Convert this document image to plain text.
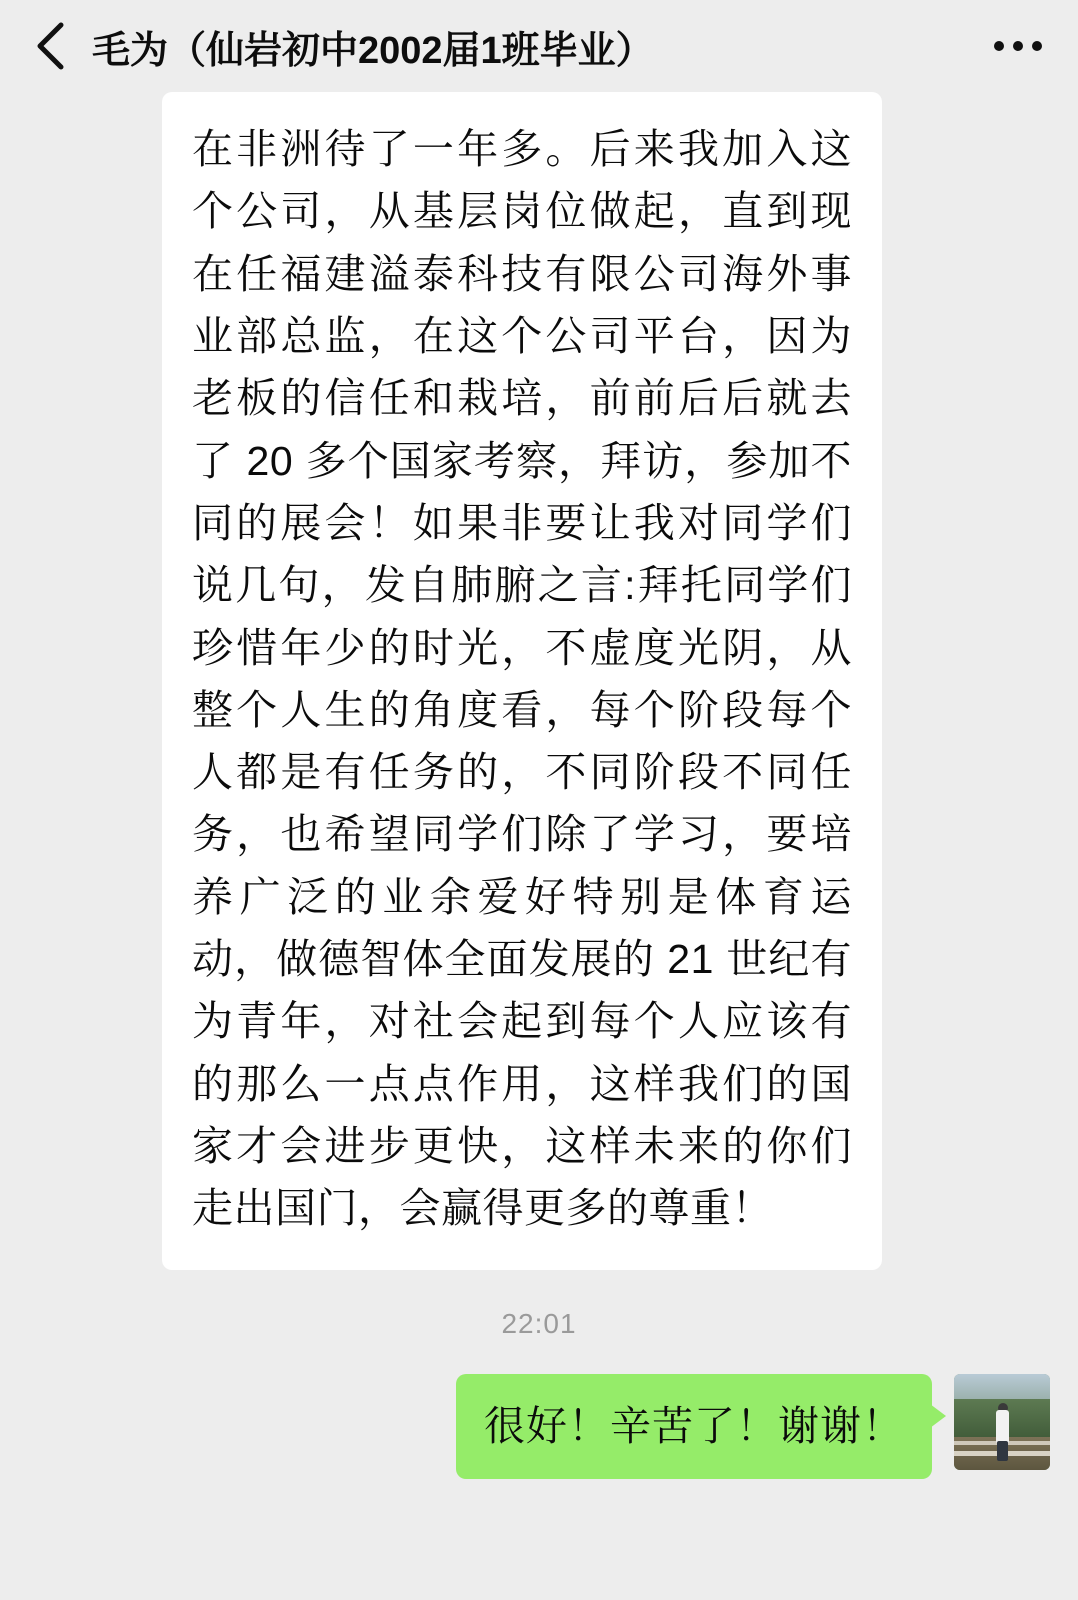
毛为（仙岩初中2002届1班毕业）
在非洲待了一年多。后来我加入这个公司，从基层岗位做起，直到现在任福建溢泰科技有限公司海外事业部总监，在这个公司平台，因为老板的信任和栽培，前前后后就去了 20 多个国家考察，拜访，参加不同的展会！如果非要让我对同学们说几句，发自肺腑之言:拜托同学们珍惜年少的时光，不虚度光阴，从整个人生的角度看，每个阶段每个人都是有任务的，不同阶段不同任务，也希望同学们除了学习，要培养广泛的业余爱好特别是体育运动，做德智体全面发展的 21 世纪有为青年，对社会起到每个人应该有的那么一点点作用，这样我们的国家才会进步更快，这样未来的你们走出国门，会赢得更多的尊重！
22:01
很好！辛苦了！谢谢！
